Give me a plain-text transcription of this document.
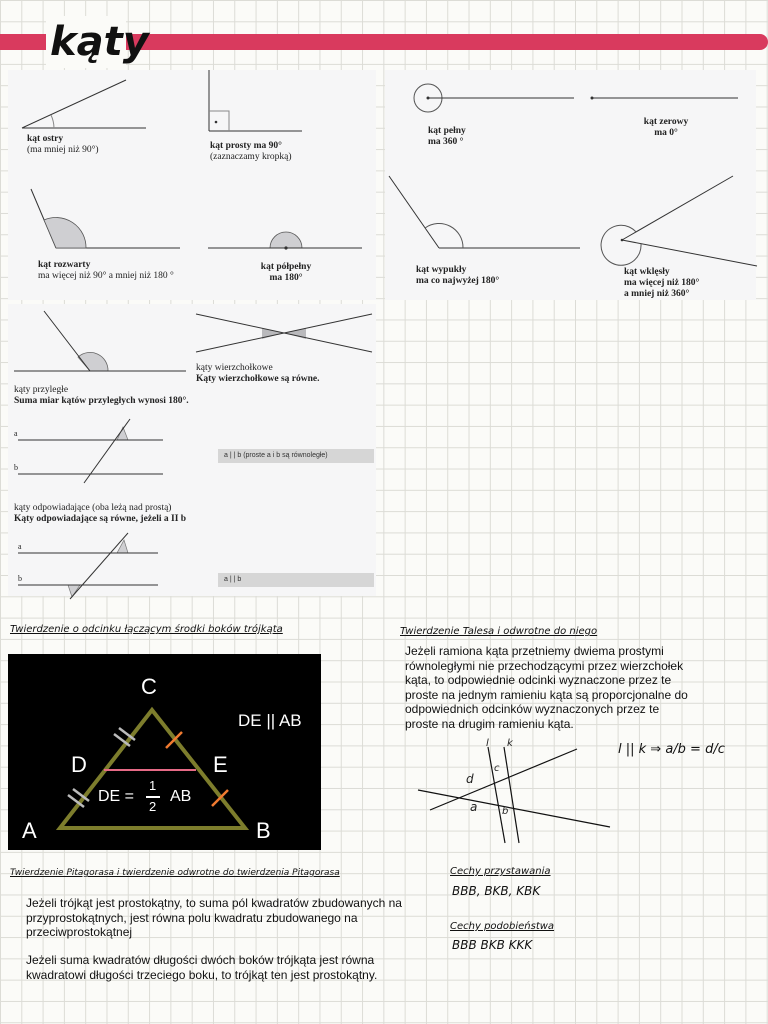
kąty
kąt ostry
(ma mniej niż 90°)	kąt prosty ma 90°
(zaznaczamy kropką)
kąt rozwarty
ma więcej niż 90° a mniej niż 180 °
kąt półpełny
ma 180°
kąt pełny
ma 360 °
kąt zerowy
ma 0°
kąt wypukły
ma co najwyżej 180°
kąt wklęsły
ma więcej niż 180°
a mniej niż 360°
kąty wierzchołkowe
Kąty wierzchołkowe są równe.
kąty przyległe
Suma miar kątów przyległych wynosi 180°.
a
b
a | | b (proste a i b są równoległe)
kąty odpowiadające (oba leżą nad prostą)
Kąty odpowiadające są równe, jeżeli a II b
a
b	a | | b
Twierdzenie o odcinku łączącym środki boków trójkąta
C
D	E
A	B
DE || AB
DE =
1
2
AB
Twierdzenie Talesa i odwrotne do niego
Jeżeli ramiona kąta przetniemy dwiema prostymi równoległymi nie przechodzącymi przez wierzchołek kąta, to odpowiednie odcinki wyznaczone przez te proste na jednym ramieniu kąta są proporcjonalne do odpowiednich odcinków wyznaczonych przez te proste na drugim ramieniu kąta.
l k
c
d
a b
l || k ⇒ a/b = d/c
Twierdzenie Pitagorasa i twierdzenie odwrotne do twierdzenia Pitagorasa
Jeżeli trójkąt jest prostokątny, to suma pól kwadratów zbudowanych na przyprostokątnych, jest równa polu kwadratu zbudowanego na przeciwprostokątnej
Jeżeli suma kwadratów długości dwóch boków trójkąta jest równa kwadratowi długości trzeciego boku, to trójkąt ten jest prostokątny.
Cechy przystawania
BBB, BKB, KBK
Cechy podobieństwa
BBB BKB KKK
